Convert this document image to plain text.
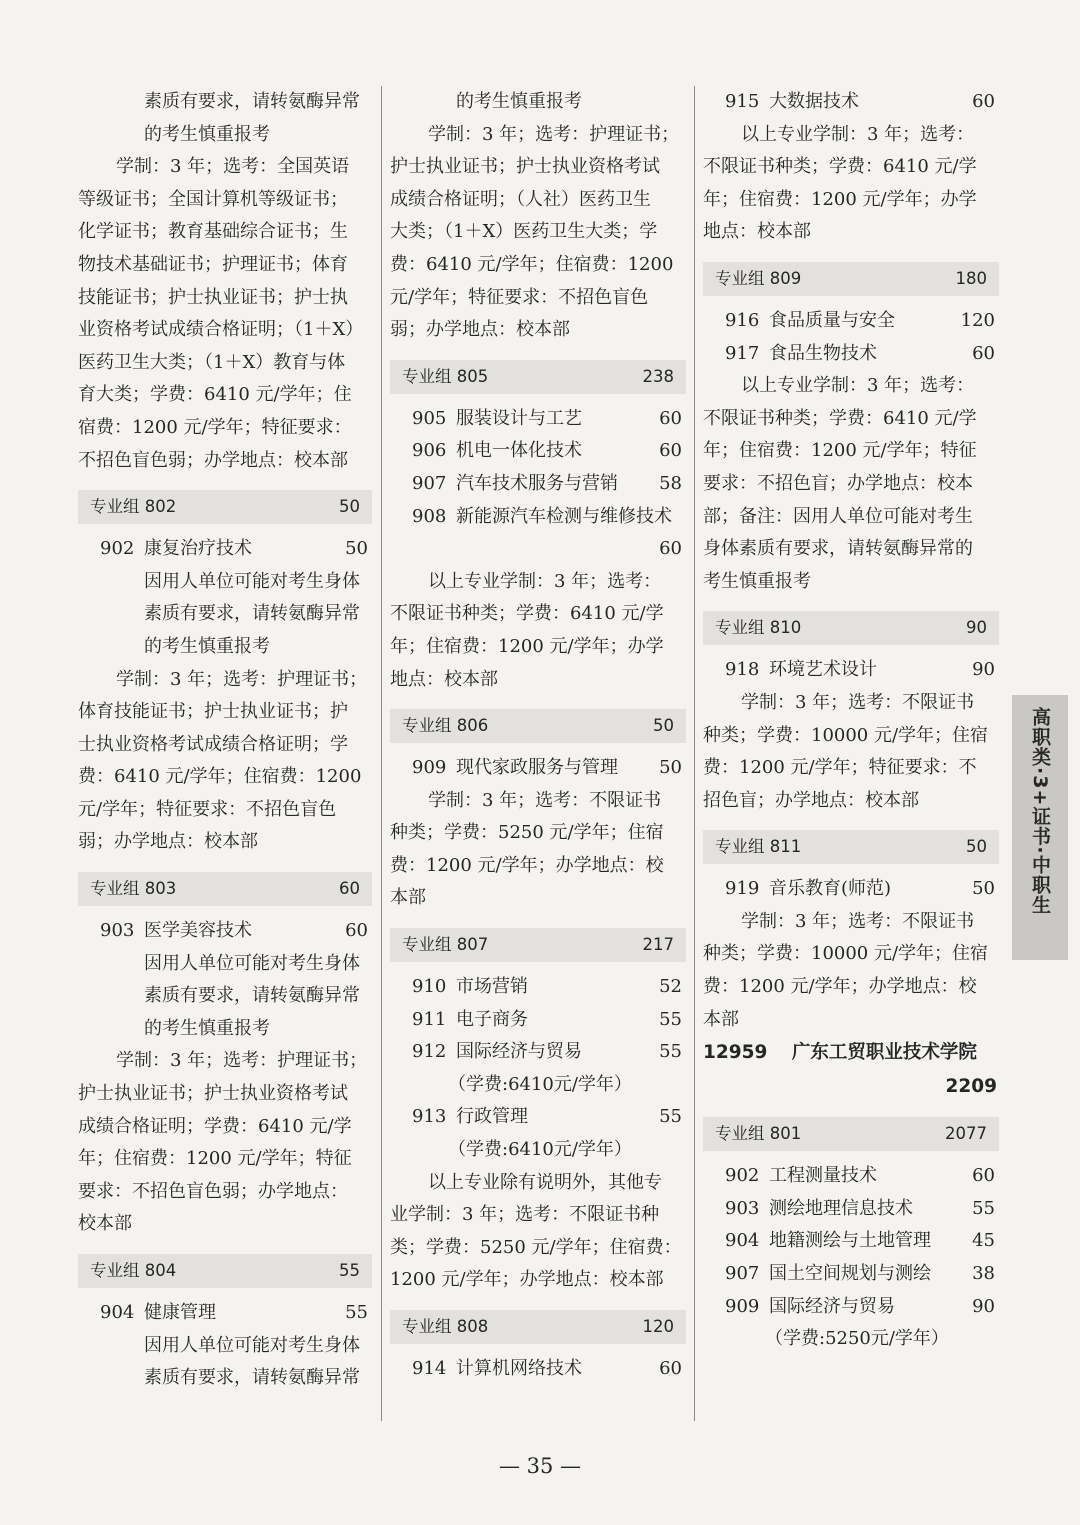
素质有要求，请转氨酶异常
的考生慎重报考
学制：3 年；选考：全国英语
等级证书；全国计算机等级证书；
化学证书；教育基础综合证书；生
物技术基础证书；护理证书；体育
技能证书；护士执业证书；护士执
业资格考试成绩合格证明；（1＋X）
医药卫生大类；（1＋X）教育与体
育大类；学费：6410 元/学年；住
宿费：1200 元/学年；特征要求：
不招色盲色弱；办学地点：校本部
专业组 802	50
902 康复治疗技术	50
因用人单位可能对考生身体
素质有要求，请转氨酶异常
的考生慎重报考
学制：3 年；选考：护理证书；
体育技能证书；护士执业证书；护
士执业资格考试成绩合格证明；学
费：6410 元/学年；住宿费：1200
元/学年；特征要求：不招色盲色
弱；办学地点：校本部
专业组 803	60
903 医学美容技术	60
因用人单位可能对考生身体
素质有要求，请转氨酶异常
的考生慎重报考
学制：3 年；选考：护理证书；
护士执业证书；护士执业资格考试
成绩合格证明；学费：6410 元/学
年；住宿费：1200 元/学年；特征
要求：不招色盲色弱；办学地点：
校本部
专业组 804	55
904 健康管理	55
因用人单位可能对考生身体
素质有要求，请转氨酶异常
的考生慎重报考
学制：3 年；选考：护理证书；
护士执业证书；护士执业资格考试
成绩合格证明；（人社）医药卫生
大类；（1＋X）医药卫生大类；学
费：6410 元/学年；住宿费：1200
元/学年；特征要求：不招色盲色
弱；办学地点：校本部
专业组 805	238
905 服装设计与工艺	60
906 机电一体化技术	60
907 汽车技术服务与营销 58
908 新能源汽车检测与维修技术
60
以上专业学制：3 年；选考：
不限证书种类；学费：6410 元/学
年；住宿费：1200 元/学年；办学
地点：校本部
专业组 806	50
909 现代家政服务与管理 50
学制：3 年；选考：不限证书
种类；学费：5250 元/学年；住宿
费：1200 元/学年；办学地点：校
本部
专业组 807	217
910 市场营销	52
911 电子商务	55
912 国际经济与贸易	55
（学费:6410元/学年）
913 行政管理	55
（学费:6410元/学年）
以上专业除有说明外，其他专
业学制：3 年；选考：不限证书种
类；学费：5250 元/学年；住宿费：
1200 元/学年；办学地点：校本部
专业组 808	120
914 计算机网络技术	60
915 大数据技术	60
以上专业学制：3 年；选考：
不限证书种类；学费：6410 元/学
年；住宿费：1200 元/学年；办学
地点：校本部
专业组 809	180
916 食品质量与安全	120
917 食品生物技术	60
以上专业学制：3 年；选考：
不限证书种类；学费：6410 元/学
年；住宿费：1200 元/学年；特征
要求：不招色盲；办学地点：校本
部；备注：因用人单位可能对考生
身体素质有要求，请转氨酶异常的
考生慎重报考
专业组 810	90
918 环境艺术设计	90
学制：3 年；选考：不限证书
种类；学费：10000 元/学年；住宿
费：1200 元/学年；特征要求：不
招色盲；办学地点：校本部
专业组 811	50
919 音乐教育(师范)	50
学制：3 年；选考：不限证书
种类；学费：10000 元/学年；住宿
费：1200 元/学年；办学地点：校
本部
12959 广东工贸职业技术学院
2209
专业组 801	2077
902 工程测量技术	60
903 测绘地理信息技术	55
904 地籍测绘与土地管理 45
907 国土空间规划与测绘 38
909 国际经济与贸易	90
（学费:5250元/学年）
高职类·3+证书·中职生
— 35 —
